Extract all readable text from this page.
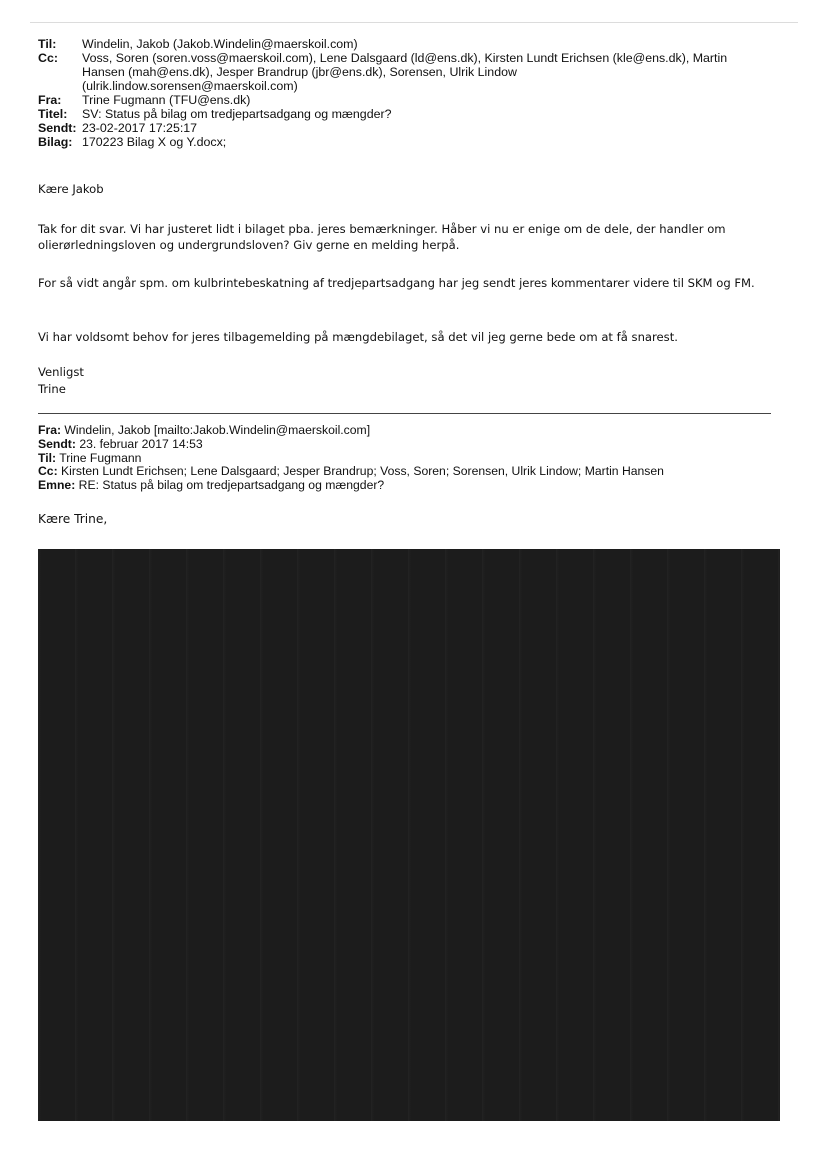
Til:	Windelin, Jakob (Jakob.Windelin@maerskoil.com)
Cc:	Voss, Soren (soren.voss@maerskoil.com), Lene Dalsgaard (ld@ens.dk), Kirsten Lundt Erichsen (kle@ens.dk), Martin
Hansen (mah@ens.dk), Jesper Brandrup (jbr@ens.dk), Sorensen, Ulrik Lindow
(ulrik.lindow.sorensen@maerskoil.com)
Fra:	Trine Fugmann (TFU@ens.dk)
Titel:	SV: Status på bilag om tredjepartsadgang og mængder?
Sendt: 23-02-2017 17:25:17
Bilag: 170223 Bilag X og Y.docx;
Kære Jakob
Tak for dit svar. Vi har justeret lidt i bilaget pba. jeres bemærkninger. Håber vi nu er enige om de dele, der handler om olierørledningsloven og undergrundsloven? Giv gerne en melding herpå.
For så vidt angår spm. om kulbrintebeskatning af tredjepartsadgang har jeg sendt jeres kommentarer videre til SKM og FM.
Vi har voldsomt behov for jeres tilbagemelding på mængdebilaget, så det vil jeg gerne bede om at få snarest.
Venligst
Trine
Fra: Windelin, Jakob [mailto:Jakob.Windelin@maerskoil.com]
Sendt: 23. februar 2017 14:53
Til: Trine Fugmann
Cc: Kirsten Lundt Erichsen; Lene Dalsgaard; Jesper Brandrup; Voss, Soren; Sorensen, Ulrik Lindow; Martin Hansen
Emne: RE: Status på bilag om tredjepartsadgang og mængder?
Kære Trine,
